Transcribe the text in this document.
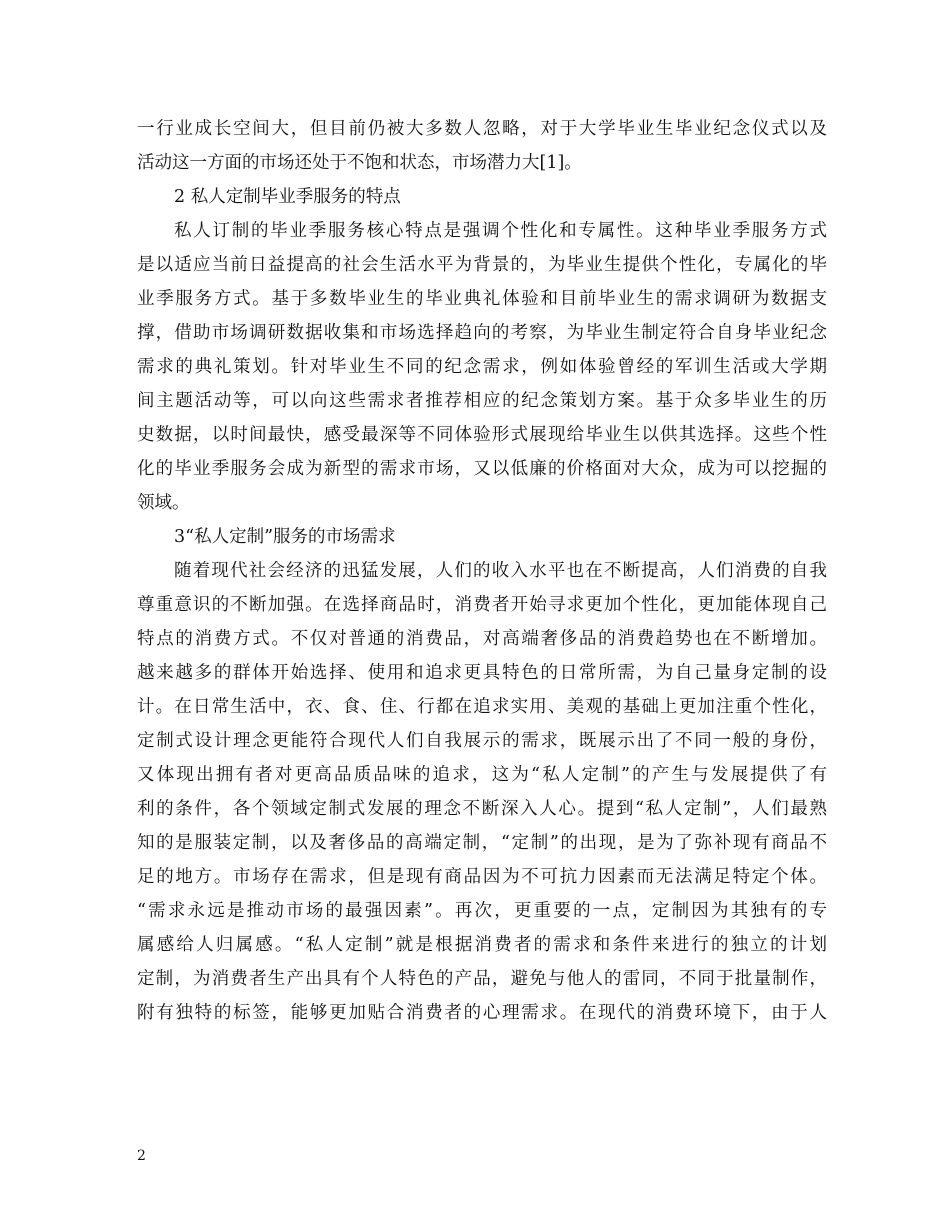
一行业成长空间大，但目前仍被大多数人忽略，对于大学毕业生毕业纪念仪式以及
活动这一方面的市场还处于不饱和状态，市场潜力大[1]。
2 私人定制毕业季服务的特点
私人订制的毕业季服务核心特点是强调个性化和专属性。这种毕业季服务方式
是以适应当前日益提高的社会生活水平为背景的，为毕业生提供个性化，专属化的毕
业季服务方式。基于多数毕业生的毕业典礼体验和目前毕业生的需求调研为数据支
撑，借助市场调研数据收集和市场选择趋向的考察，为毕业生制定符合自身毕业纪念
需求的典礼策划。针对毕业生不同的纪念需求，例如体验曾经的军训生活或大学期
间主题活动等，可以向这些需求者推荐相应的纪念策划方案。基于众多毕业生的历
史数据，以时间最快，感受最深等不同体验形式展现给毕业生以供其选择。这些个性
化的毕业季服务会成为新型的需求市场，又以低廉的价格面对大众，成为可以挖掘的
领域。
3“私人定制”服务的市场需求
随着现代社会经济的迅猛发展，人们的收入水平也在不断提高，人们消费的自我
尊重意识的不断加强。在选择商品时，消费者开始寻求更加个性化，更加能体现自己
特点的消费方式。不仅对普通的消费品，对高端奢侈品的消费趋势也在不断增加。
越来越多的群体开始选择、使用和追求更具特色的日常所需，为自己量身定制的设
计。在日常生活中，衣、食、住、行都在追求实用、美观的基础上更加注重个性化，
定制式设计理念更能符合现代人们自我展示的需求，既展示出了不同一般的身份，
又体现出拥有者对更高品质品味的追求，这为“私人定制”的产生与发展提供了有
利的条件，各个领域定制式发展的理念不断深入人心。提到“私人定制”，人们最熟
知的是服装定制，以及奢侈品的高端定制，“定制”的出现，是为了弥补现有商品不
足的地方。市场存在需求，但是现有商品因为不可抗力因素而无法满足特定个体。
“需求永远是推动市场的最强因素”。再次，更重要的一点，定制因为其独有的专
属感给人归属感。“私人定制”就是根据消费者的需求和条件来进行的独立的计划
定制，为消费者生产出具有个人特色的产品，避免与他人的雷同，不同于批量制作，
附有独特的标签，能够更加贴合消费者的心理需求。在现代的消费环境下，由于人
2
